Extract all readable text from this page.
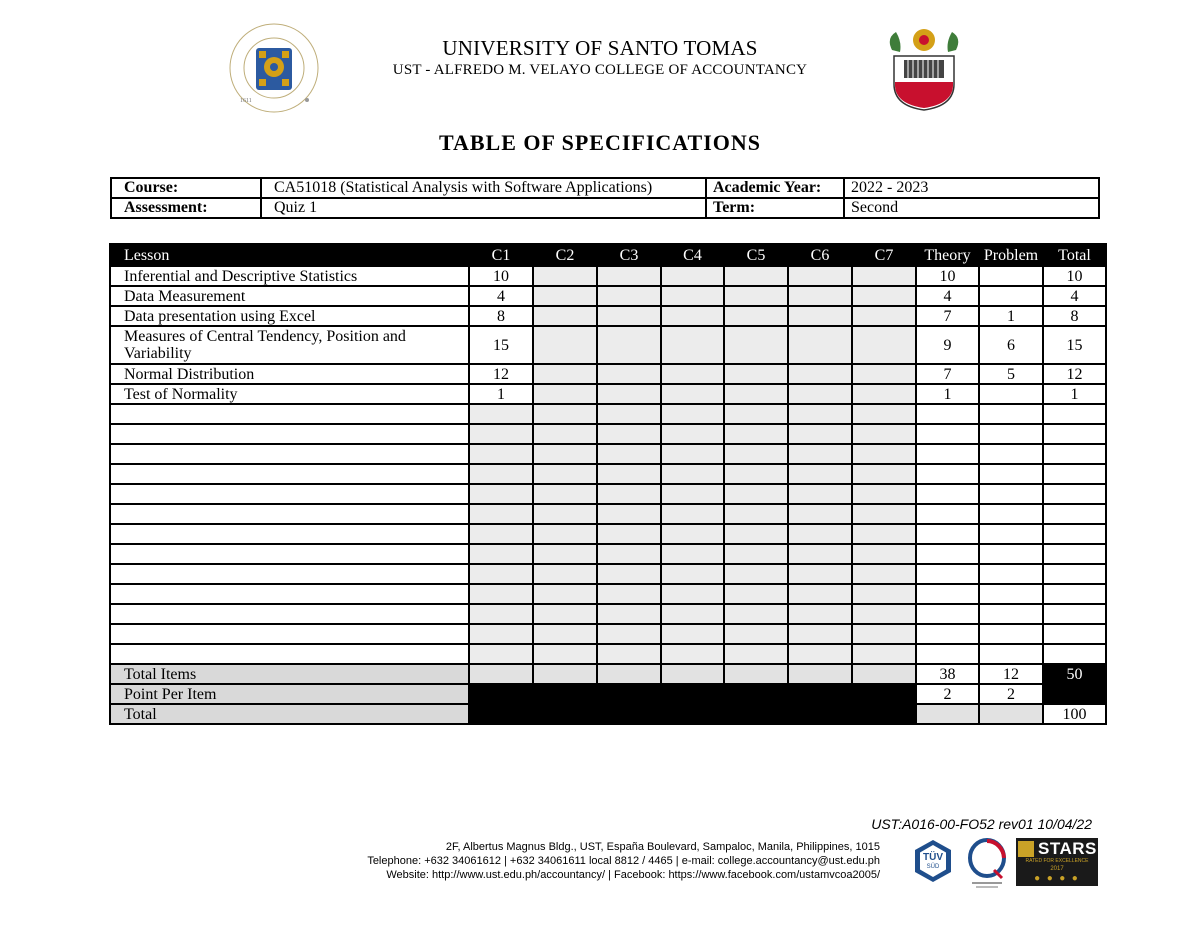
1611
UNIVERSITY OF SANTO TOMAS
UST - ALFREDO M. VELAYO COLLEGE OF ACCOUNTANCY
TABLE OF SPECIFICATIONS
Course:	CA51018 (Statistical Analysis with Software Applications)	Academic Year:	2022 - 2023
Assessment:	Quiz 1	Term:	Second
Lesson	C1	C2	C3	C4	C5	C6	C7	Theory	Problem	Total
Inferential and Descriptive Statistics	10							10		10
Data Measurement	4							4		4
Data presentation using Excel	8							7	1	8
Measures of Central Tendency, Position and Variability	15							9	6	15
Normal Distribution	12							7	5	12
Test of Normality	1							1		1

Total Items								38	12	50
Point Per Item								2	2	
Total										100
UST:A016-00-FO52 rev01 10/04/22
2F, Albertus Magnus Bldg., UST, España Boulevard, Sampaloc, Manila, Philippines, 1015
Telephone: +632 34061612 | +632 34061611 local 8812 / 4465 | e-mail: college.accountancy@ust.edu.ph
Website: http://www.ust.edu.ph/accountancy/ | Facebook: https://www.facebook.com/ustamvcoa2005/
TÜV
SÜD
STARS
RATED FOR EXCELLENCE
2017
● ● ● ●
